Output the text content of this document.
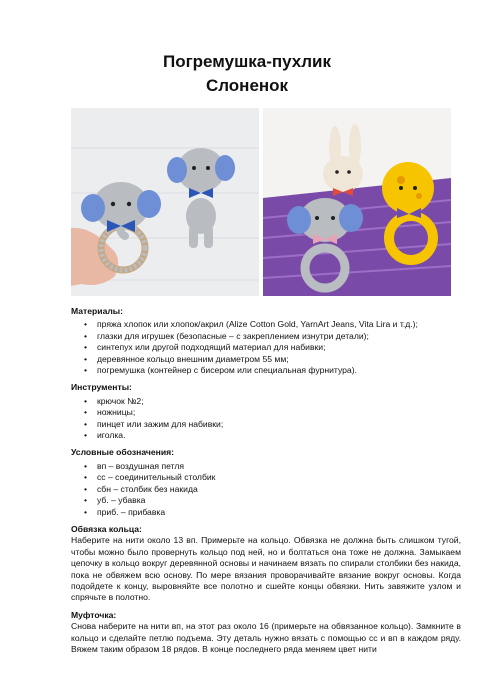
Погремушка-пухлик
Слоненок
Материалы:
• пряжа хлопок или хлопок/акрил (Alize Cotton Gold, YarnArt Jeans, Vita Lira и т.д.);
• глазки для игрушек (безопасные – с закреплением изнутри детали);
• синтепух или другой подходящий материал для набивки;
• деревянное кольцо внешним диаметром 55 мм;
• погремушка (контейнер с бисером или специальная фурнитура).
Инструменты:
• крючок №2;
• ножницы;
• пинцет или зажим для набивки;
• иголка.
Условные обозначения:
• вп – воздушная петля
• сс – соединительный столбик
• сбн – столбик без накида
• уб. – убавка
• приб. – прибавка
Обвязка кольца:

Наберите на нити около 13 вп. Примерьте на кольцо. Обвязка не должна быть слишком тугой, чтобы можно было провернуть кольцо под ней, но и болтаться она тоже не должна. Замыкаем цепочку в кольцо вокруг деревянной основы и начинаем вязать по спирали столбики без накида, пока не обвяжем всю основу. По мере вязания проворачивайте вязание вокруг основы. Когда подойдете к концу, выровняйте все полотно и сшейте концы обвязки. Нить завяжите узлом и спрячьте в полотно.

Муфточка:

Снова наберите на нити вп, на этот раз около 16 (примерьте на обвязанное кольцо). Замкните в кольцо и сделайте петлю подъема. Эту деталь нужно вязать с помощью сс и вп в каждом ряду. Вяжем таким образом 18 рядов. В конце последнего ряда меняем цвет нити
